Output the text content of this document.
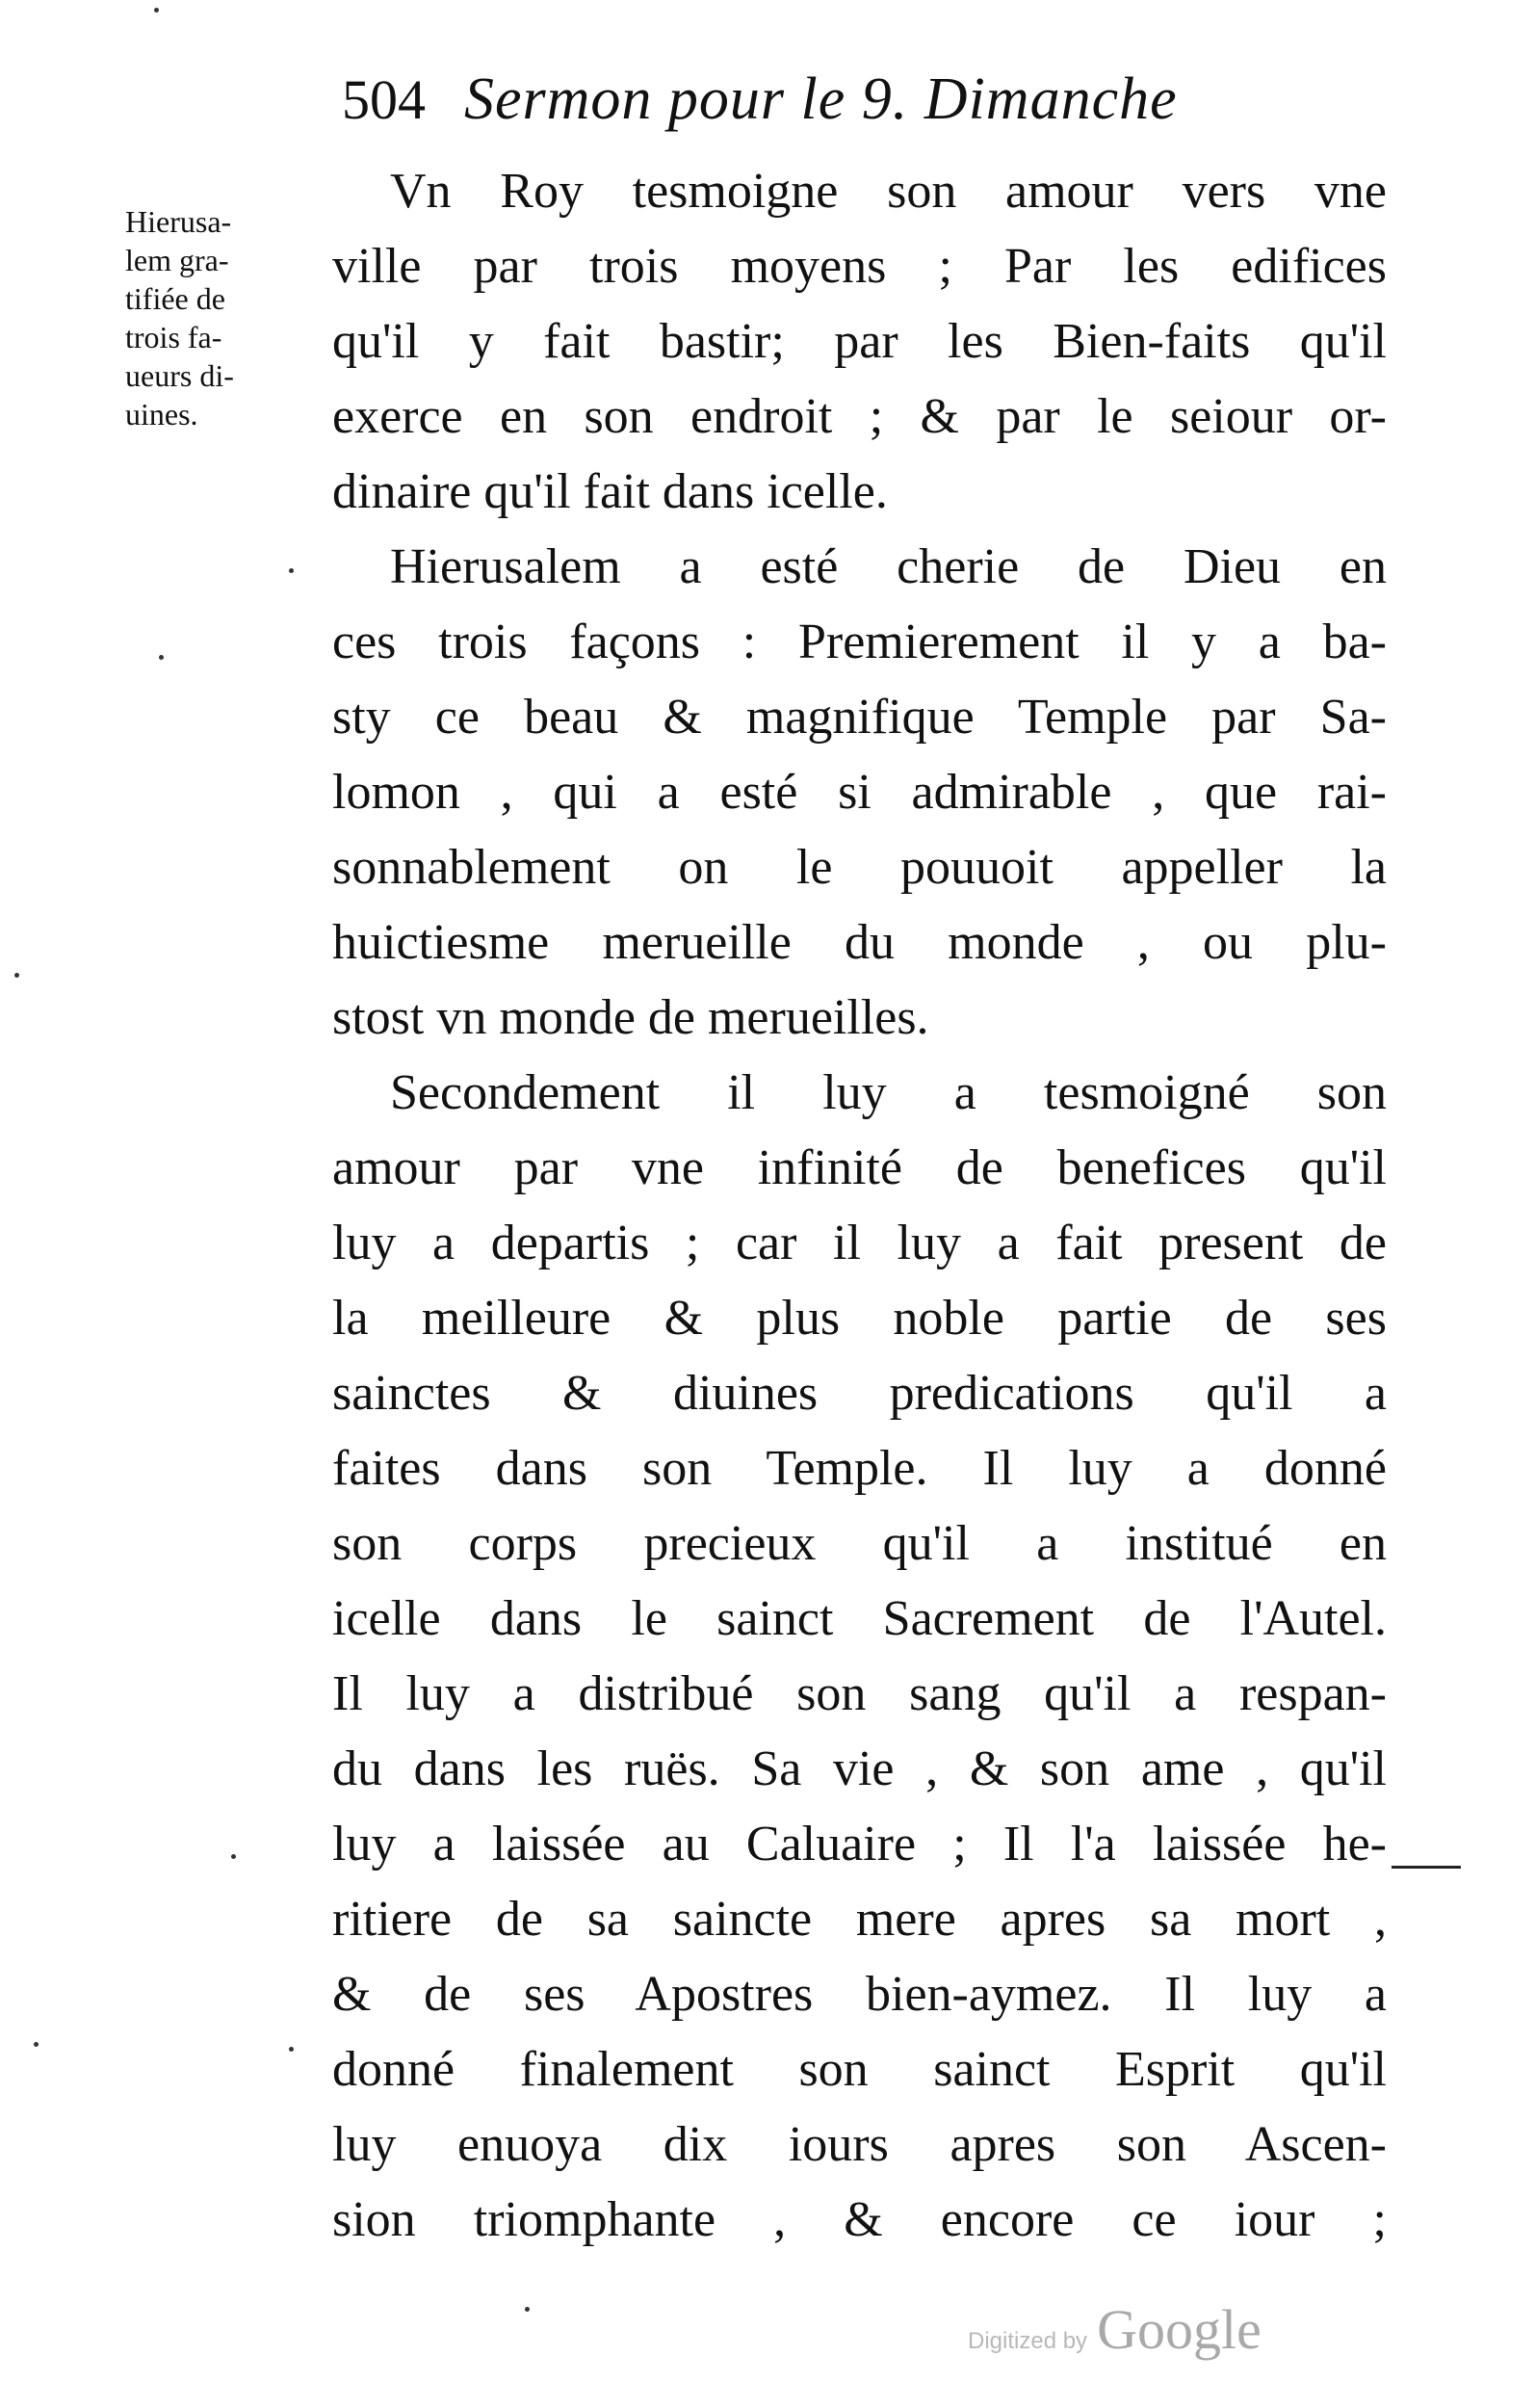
504 Sermon pour le 9. Dimanche
Hierusa-
lem gra-
tifiée de
trois fa-
ueurs di-
uines.
Vn Roy tesmoigne son amour vers vne
ville par trois moyens ; Par les edifices
qu'il y fait bastir; par les Bien-faits qu'il
exerce en son endroit ; & par le seiour or-
dinaire qu'il fait dans icelle.
Hierusalem a esté cherie de Dieu en
ces trois façons : Premierement il y a ba-
sty ce beau & magnifique Temple par Sa-
lomon , qui a esté si admirable , que rai-
sonnablement on le pouuoit appeller la
huictiesme merueille du monde , ou plu-
stost vn monde de merueilles.
Secondement il luy a tesmoigné son
amour par vne infinité de benefices qu'il
luy a departis ; car il luy a fait present de
la meilleure & plus noble partie de ses
sainctes & diuines predications qu'il a
faites dans son Temple. Il luy a donné
son corps precieux qu'il a institué en
icelle dans le sainct Sacrement de l'Autel.
Il luy a distribué son sang qu'il a respan-
du dans les ruës. Sa vie , & son ame , qu'il
luy a laissée au Caluaire ; Il l'a laissée he-
ritiere de sa saincte mere apres sa mort ,
& de ses Apostres bien-aymez. Il luy a
donné finalement son sainct Esprit qu'il
luy enuoya dix iours apres son Ascen-
sion triomphante , & encore ce iour ;
Digitized by Google
